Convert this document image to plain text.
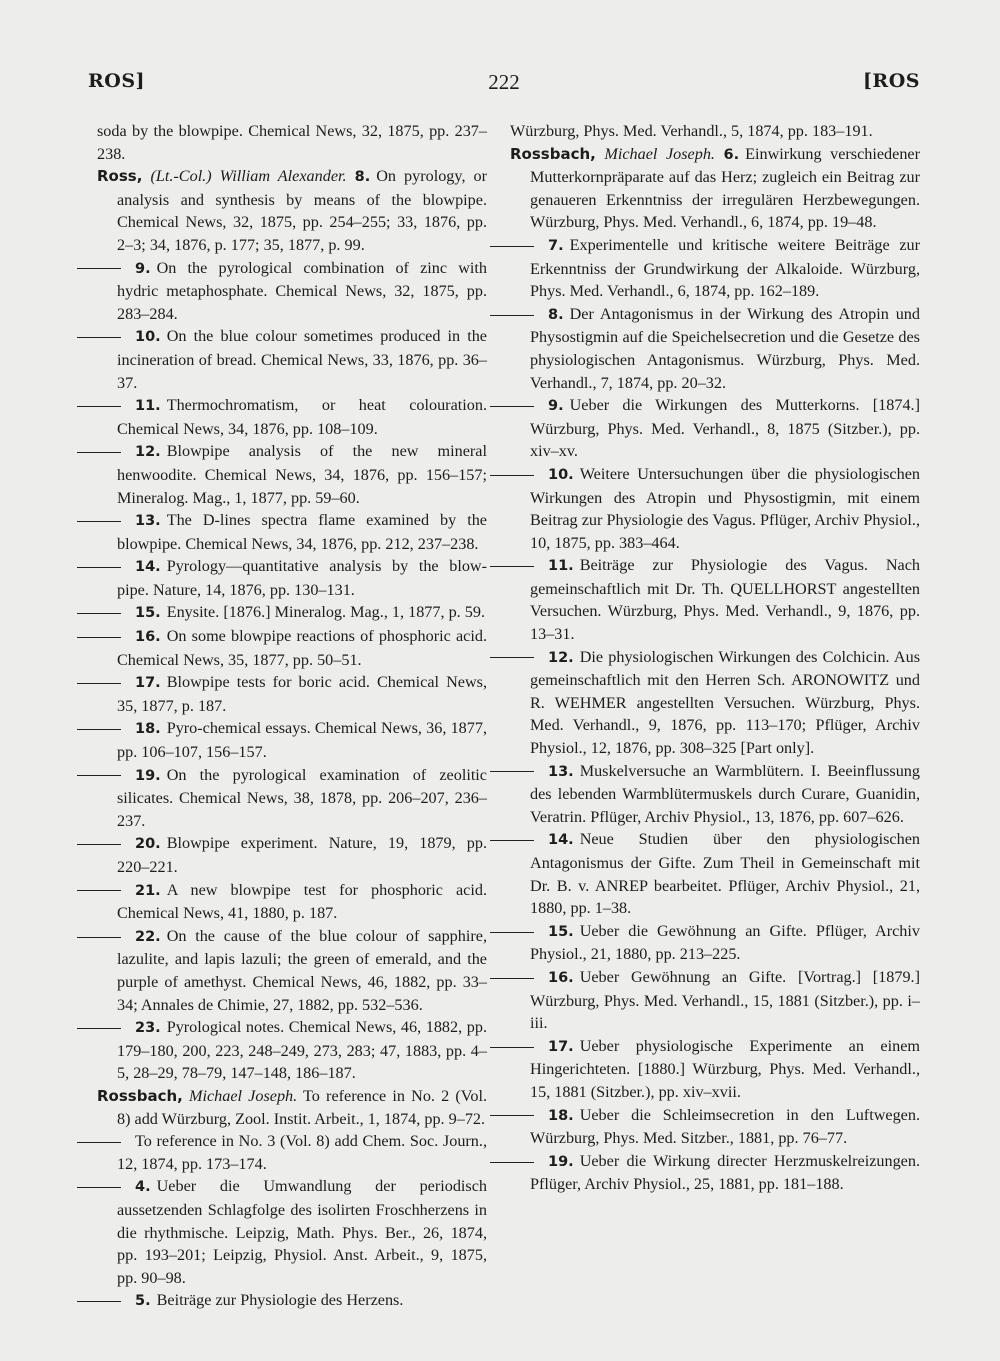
ROS]	222	[ROS

soda by the blowpipe. Chemical News, 32, 1875, pp. 237–238.

Ross, (Lt.-Col.) William Alexander. 8. On pyrology, or analysis and synthesis by means of the blowpipe. Chemical News, 32, 1875, pp. 254–255; 33, 1876, pp. 2–3; 34, 1876, p. 177; 35, 1877, p. 99.

9. On the pyrological combination of zinc with hydric metaphosphate. Chemical News, 32, 1875, pp. 283–284.

10. On the blue colour sometimes produced in the incineration of bread. Chemical News, 33, 1876, pp. 36–37.

11. Thermochromatism, or heat colouration. Chemical News, 34, 1876, pp. 108–109.

12. Blowpipe analysis of the new mineral henwoodite. Chemical News, 34, 1876, pp. 156–157; Mineralog. Mag., 1, 1877, pp. 59–60.

13. The D-lines spectra flame examined by the blowpipe. Chemical News, 34, 1876, pp. 212, 237–238.

14. Pyrology—quantitative analysis by the blow-pipe. Nature, 14, 1876, pp. 130–131.

15. Enysite. [1876.] Mineralog. Mag., 1, 1877, p. 59.

16. On some blowpipe reactions of phosphoric acid. Chemical News, 35, 1877, pp. 50–51.

17. Blowpipe tests for boric acid. Chemical News, 35, 1877, p. 187.

18. Pyro-chemical essays. Chemical News, 36, 1877, pp. 106–107, 156–157.

19. On the pyrological examination of zeolitic silicates. Chemical News, 38, 1878, pp. 206–207, 236–237.

20. Blowpipe experiment. Nature, 19, 1879, pp. 220–221.

21. A new blowpipe test for phosphoric acid. Chemical News, 41, 1880, p. 187.

22. On the cause of the blue colour of sapphire, lazulite, and lapis lazuli; the green of emerald, and the purple of amethyst. Chemical News, 46, 1882, pp. 33–34; Annales de Chimie, 27, 1882, pp. 532–536.

23. Pyrological notes. Chemical News, 46, 1882, pp. 179–180, 200, 223, 248–249, 273, 283; 47, 1883, pp. 4–5, 28–29, 78–79, 147–148, 186–187.

Rossbach, Michael Joseph. To reference in No. 2 (Vol. 8) add Würzburg, Zool. Instit. Arbeit., 1, 1874, pp. 9–72.

To reference in No. 3 (Vol. 8) add Chem. Soc. Journ., 12, 1874, pp. 173–174.

4. Ueber die Umwandlung der periodisch aussetzenden Schlagfolge des isolirten Froschherzens in die rhythmische. Leipzig, Math. Phys. Ber., 26, 1874, pp. 193–201; Leipzig, Physiol. Anst. Arbeit., 9, 1875, pp. 90–98.

5. Beiträge zur Physiologie des Herzens.

Würzburg, Phys. Med. Verhandl., 5, 1874, pp. 183–191.

Rossbach, Michael Joseph. 6. Einwirkung verschiedener Mutterkornpräparate auf das Herz; zugleich ein Beitrag zur genaueren Erkenntniss der irregulären Herzbewegungen. Würzburg, Phys. Med. Verhandl., 6, 1874, pp. 19–48.

7. Experimentelle und kritische weitere Beiträge zur Erkenntniss der Grundwirkung der Alkaloide. Würzburg, Phys. Med. Verhandl., 6, 1874, pp. 162–189.

8. Der Antagonismus in der Wirkung des Atropin und Physostigmin auf die Speichelsecretion und die Gesetze des physiologischen Antagonismus. Würzburg, Phys. Med. Verhandl., 7, 1874, pp. 20–32.

9. Ueber die Wirkungen des Mutterkorns. [1874.] Würzburg, Phys. Med. Verhandl., 8, 1875 (Sitzber.), pp. xiv–xv.

10. Weitere Untersuchungen über die physiologischen Wirkungen des Atropin und Physostigmin, mit einem Beitrag zur Physiologie des Vagus. Pflüger, Archiv Physiol., 10, 1875, pp. 383–464.

11. Beiträge zur Physiologie des Vagus. Nach gemeinschaftlich mit Dr. Th. QUELLHORST angestellten Versuchen. Würzburg, Phys. Med. Verhandl., 9, 1876, pp. 13–31.

12. Die physiologischen Wirkungen des Colchicin. Aus gemeinschaftlich mit den Herren Sch. ARONOWITZ und R. WEHMER angestellten Versuchen. Würzburg, Phys. Med. Verhandl., 9, 1876, pp. 113–170; Pflüger, Archiv Physiol., 12, 1876, pp. 308–325 [Part only].

13. Muskelversuche an Warmblütern. I. Beeinflussung des lebenden Warmblütermuskels durch Curare, Guanidin, Veratrin. Pflüger, Archiv Physiol., 13, 1876, pp. 607–626.

14. Neue Studien über den physiologischen Antagonismus der Gifte. Zum Theil in Gemeinschaft mit Dr. B. v. ANREP bearbeitet. Pflüger, Archiv Physiol., 21, 1880, pp. 1–38.

15. Ueber die Gewöhnung an Gifte. Pflüger, Archiv Physiol., 21, 1880, pp. 213–225.

16. Ueber Gewöhnung an Gifte. [Vortrag.] [1879.] Würzburg, Phys. Med. Verhandl., 15, 1881 (Sitzber.), pp. i–iii.

17. Ueber physiologische Experimente an einem Hingerichteten. [1880.] Würzburg, Phys. Med. Verhandl., 15, 1881 (Sitzber.), pp. xiv–xvii.

18. Ueber die Schleimsecretion in den Luftwegen. Würzburg, Phys. Med. Sitzber., 1881, pp. 76–77.

19. Ueber die Wirkung directer Herzmuskelreizungen. Pflüger, Archiv Physiol., 25, 1881, pp. 181–188.
